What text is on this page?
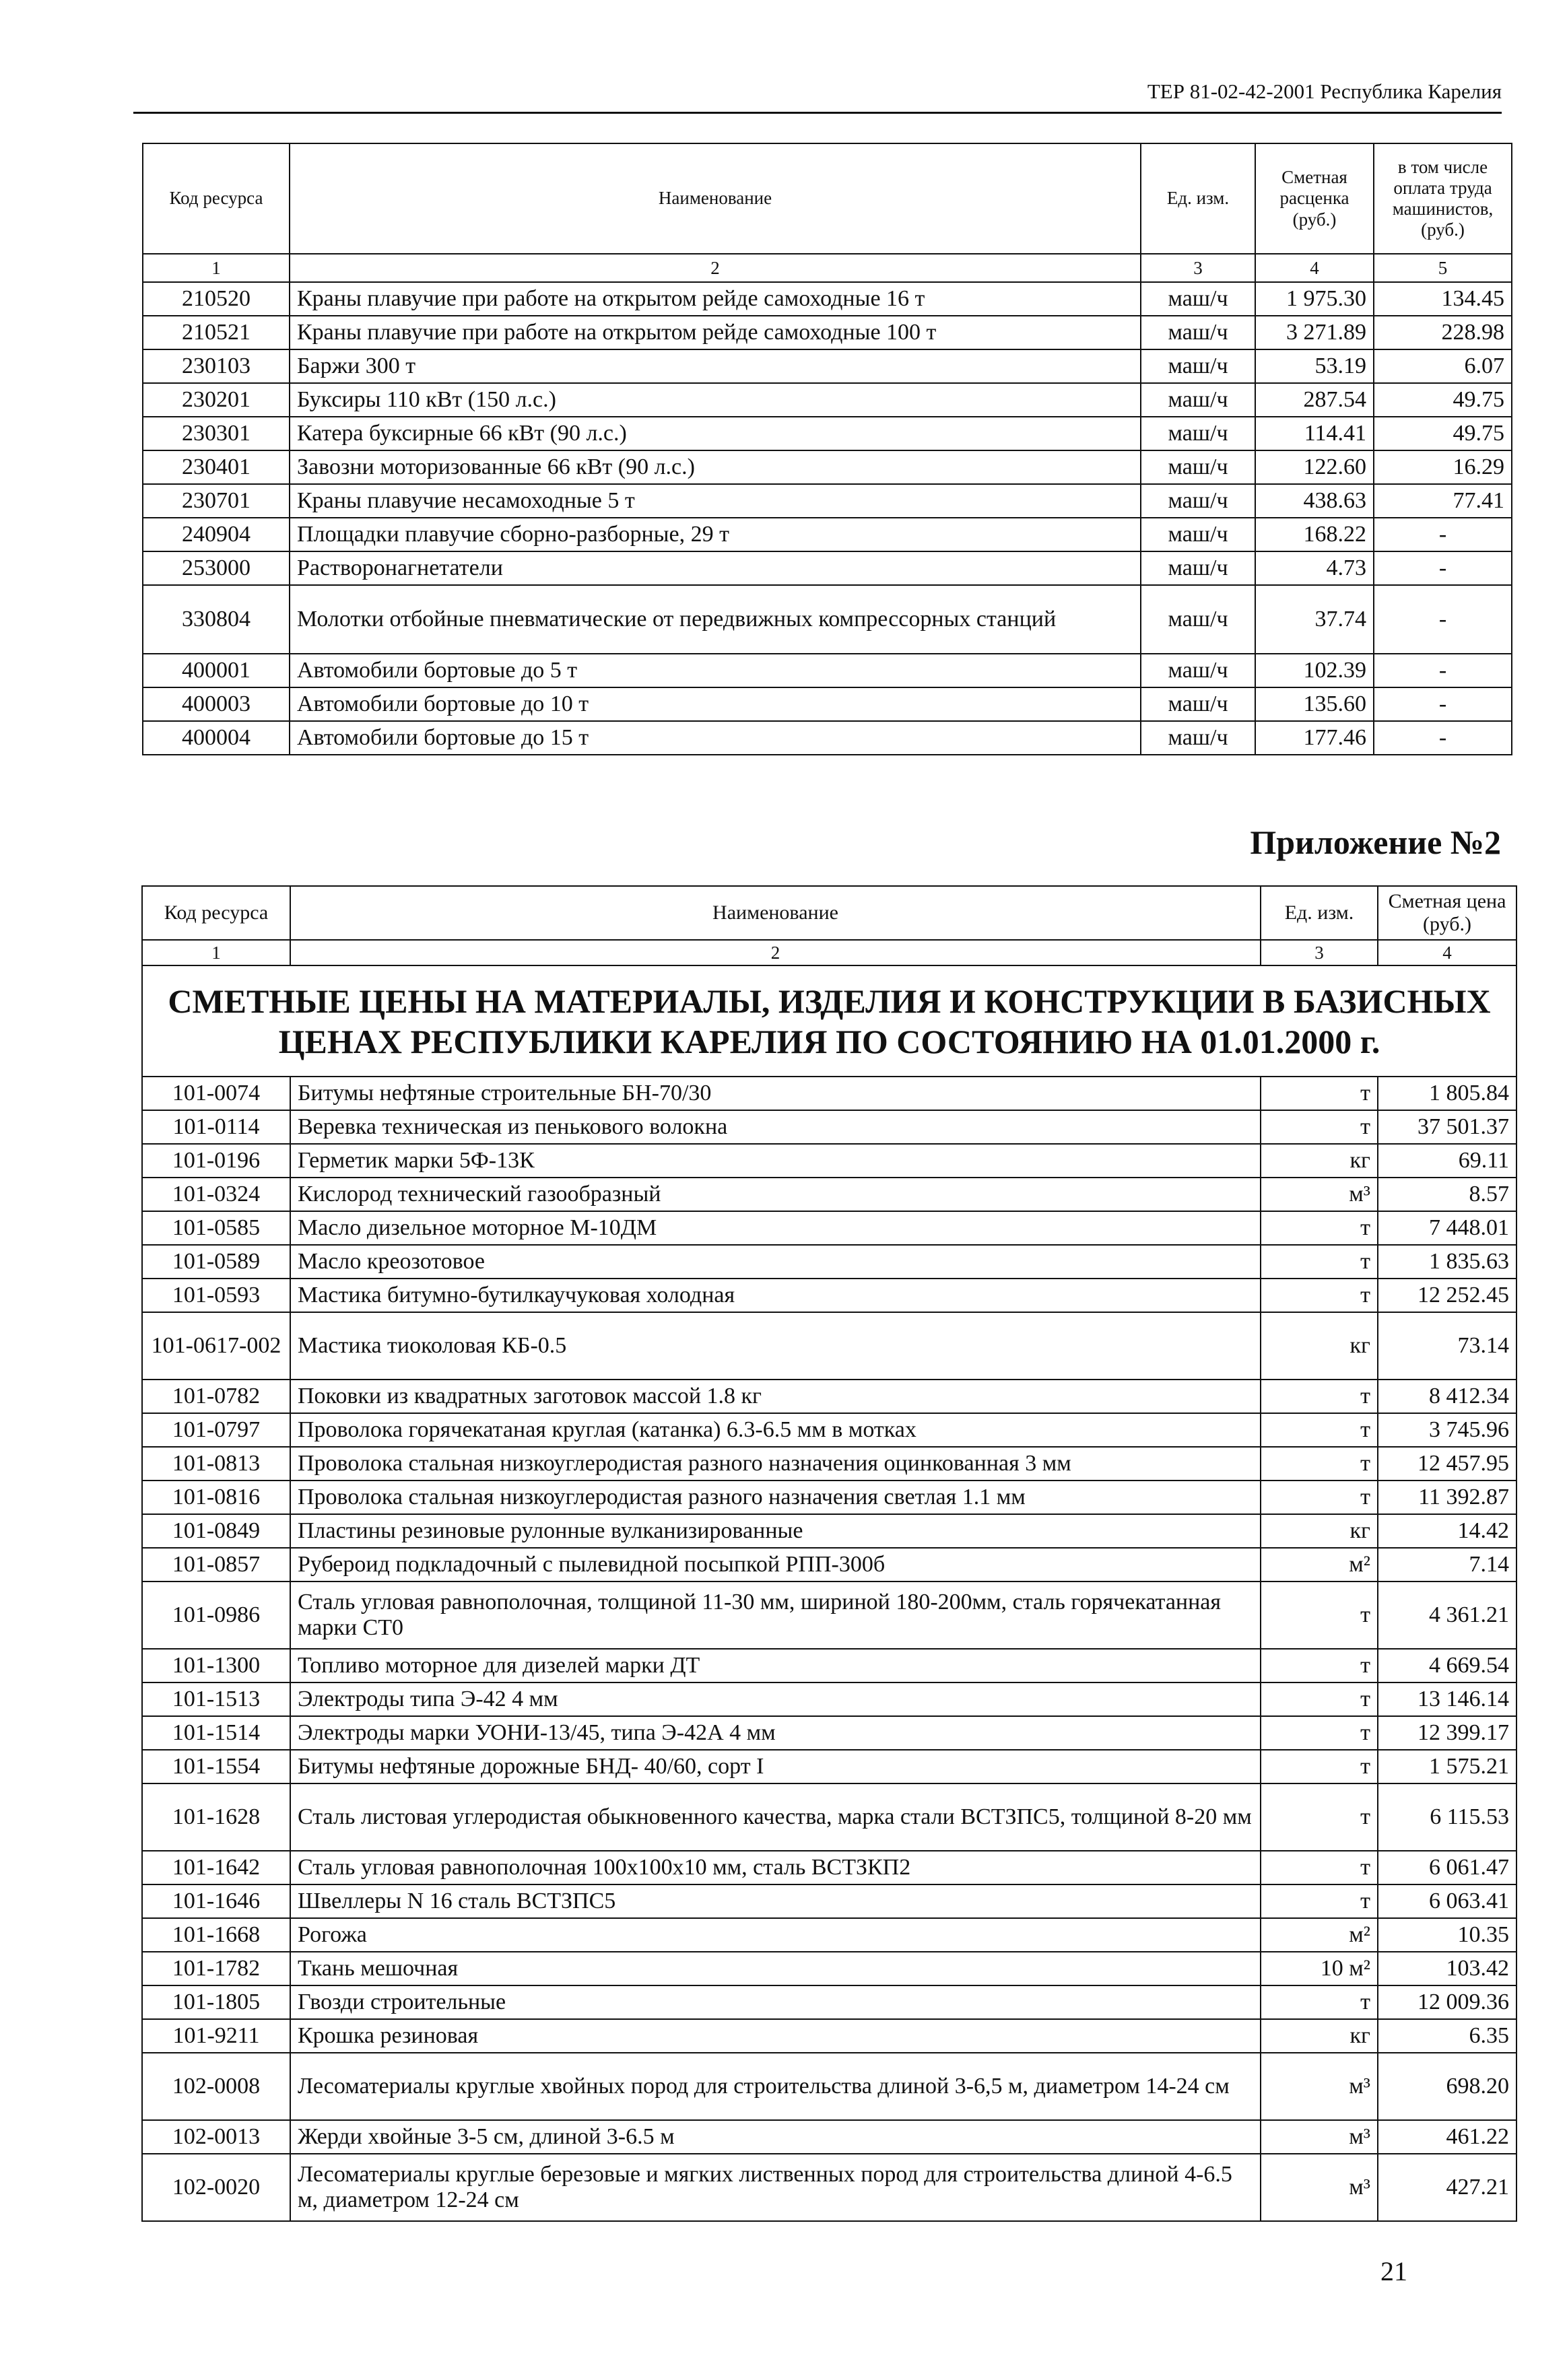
ТЕР 81-02-42-2001 Республика Карелия
Код ресурса	Наименование	Ед. изм.	Сметная расценка (руб.)	в том числе оплата труда машинистов, (руб.)
1	2	3	4	5
210520	Краны плавучие при работе на открытом рейде самоходные 16 т	маш/ч	1 975.30	134.45
210521	Краны плавучие при работе на открытом рейде самоходные 100 т	маш/ч	3 271.89	228.98
230103	Баржи 300 т	маш/ч	53.19	6.07
230201	Буксиры 110 кВт (150 л.с.)	маш/ч	287.54	49.75
230301	Катера буксирные 66 кВт (90 л.с.)	маш/ч	114.41	49.75
230401	Завозни моторизованные 66 кВт (90 л.с.)	маш/ч	122.60	16.29
230701	Краны плавучие несамоходные 5 т	маш/ч	438.63	77.41
240904	Площадки плавучие сборно-разборные, 29 т	маш/ч	168.22	-
253000	Растворонагнетатели	маш/ч	4.73	-
330804	Молотки отбойные пневматические от передвижных компрессорных станций	маш/ч	37.74	-
400001	Автомобили бортовые до 5 т	маш/ч	102.39	-
400003	Автомобили бортовые до 10 т	маш/ч	135.60	-
400004	Автомобили бортовые до 15 т	маш/ч	177.46	-
Приложение №2
Код ресурса	Наименование	Ед. изм.	Сметная цена (руб.)
1	2	3	4
СМЕТНЫЕ ЦЕНЫ НА МАТЕРИАЛЫ, ИЗДЕЛИЯ И КОНСТРУКЦИИ В БАЗИСНЫХ ЦЕНАХ РЕСПУБЛИКИ КАРЕЛИЯ ПО СОСТОЯНИЮ НА 01.01.2000 г.			
101-0074	Битумы нефтяные строительные БН-70/30	т	1 805.84
101-0114	Веревка техническая из пенькового волокна	т	37 501.37
101-0196	Герметик марки 5Ф-13К	кг	69.11
101-0324	Кислород технический газообразный	м³	8.57
101-0585	Масло дизельное моторное М-10ДМ	т	7 448.01
101-0589	Масло креозотовое	т	1 835.63
101-0593	Мастика битумно-бутилкаучуковая холодная	т	12 252.45
101-0617-002	Мастика тиоколовая КБ-0.5	кг	73.14
101-0782	Поковки из квадратных заготовок массой 1.8 кг	т	8 412.34
101-0797	Проволока горячекатаная круглая (катанка) 6.3-6.5 мм в мотках	т	3 745.96
101-0813	Проволока стальная низкоуглеродистая разного назначения оцинкованная 3 мм	т	12 457.95
101-0816	Проволока стальная низкоуглеродистая разного назначения светлая 1.1 мм	т	11 392.87
101-0849	Пластины резиновые рулонные вулканизированные	кг	14.42
101-0857	Рубероид подкладочный с пылевидной посыпкой РПП-300б	м²	7.14
101-0986	Сталь угловая равнополочная, толщиной 11-30 мм, шириной 180-200мм, сталь горячекатанная марки СТ0	т	4 361.21
101-1300	Топливо моторное для дизелей марки ДТ	т	4 669.54
101-1513	Электроды типа Э-42 4 мм	т	13 146.14
101-1514	Электроды марки УОНИ-13/45, типа Э-42А 4 мм	т	12 399.17
101-1554	Битумы нефтяные дорожные БНД- 40/60, сорт I	т	1 575.21
101-1628	Сталь листовая углеродистая обыкновенного качества, марка стали ВСТЗПС5, толщиной 8-20 мм	т	6 115.53
101-1642	Сталь угловая равнополочная 100х100х10 мм, сталь ВСТЗКП2	т	6 061.47
101-1646	Швеллеры N 16 сталь ВСТЗПС5	т	6 063.41
101-1668	Рогожа	м²	10.35
101-1782	Ткань мешочная	10 м²	103.42
101-1805	Гвозди строительные	т	12 009.36
101-9211	Крошка резиновая	кг	6.35
102-0008	Лесоматериалы круглые хвойных пород для строительства длиной 3-6,5 м, диаметром 14-24 см	м³	698.20
102-0013	Жерди хвойные 3-5 см, длиной 3-6.5 м	м³	461.22
102-0020	Лесоматериалы круглые березовые и мягких лиственных пород для строительства длиной 4-6.5 м, диаметром 12-24 см	м³	427.21
21
